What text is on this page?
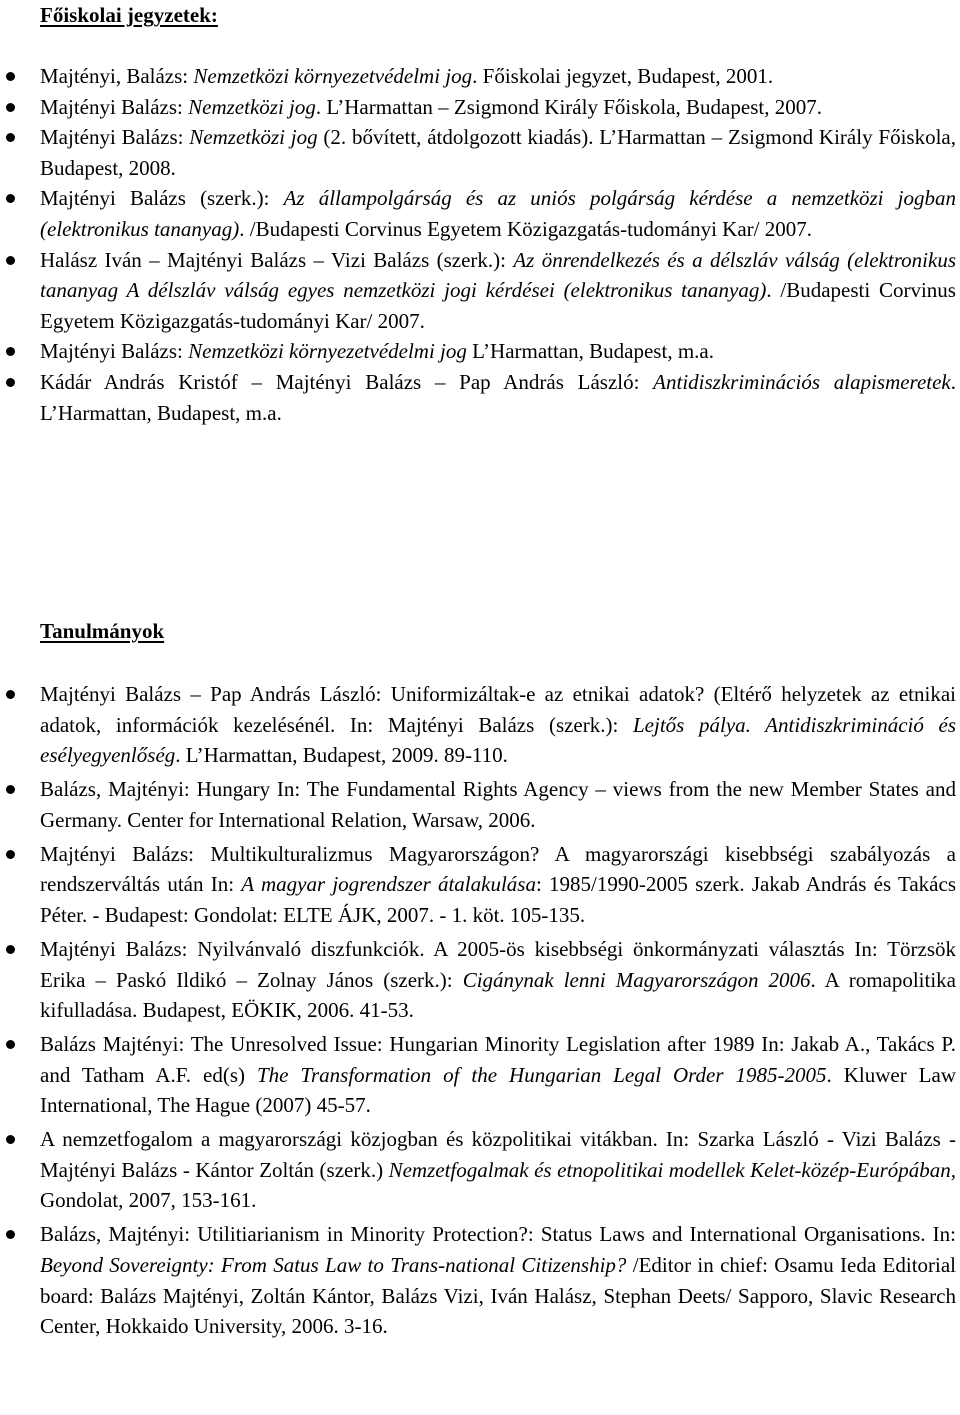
Főiskolai jegyzetek:
Majtényi, Balázs: Nemzetközi környezetvédelmi jog. Főiskolai jegyzet, Budapest, 2001.
Majtényi Balázs: Nemzetközi jog. L’Harmattan – Zsigmond Király Főiskola, Budapest, 2007.
Majtényi Balázs: Nemzetközi jog (2. bővített, átdolgozott kiadás). L’Harmattan – Zsigmond Király Főiskola, Budapest, 2008.
Majtényi Balázs (szerk.): Az állampolgárság és az uniós polgárság kérdése a nemzetközi jogban (elektronikus tananyag). /Budapesti Corvinus Egyetem Közigazgatás-tudományi Kar/ 2007.
Halász Iván – Majtényi Balázs – Vizi Balázs (szerk.): Az önrendelkezés és a délszláv válság (elektronikus tananyag A délszláv válság egyes nemzetközi jogi kérdései (elektronikus tananyag). /Budapesti Corvinus Egyetem Közigazgatás-tudományi Kar/ 2007.
Majtényi Balázs: Nemzetközi környezetvédelmi jog L’Harmattan, Budapest, m.a.
Kádár András Kristóf – Majtényi Balázs – Pap András László: Antidiszkriminációs alapismeretek. L’Harmattan, Budapest, m.a.
Tanulmányok
Majtényi Balázs – Pap András László: Uniformizáltak-e az etnikai adatok? (Eltérő helyzetek az etnikai adatok, információk kezelésénél. In: Majtényi Balázs (szerk.): Lejtős pálya. Antidiszkrimináció és esélyegyenlőség. L’Harmattan, Budapest, 2009. 89-110.
Balázs, Majtényi: Hungary In: The Fundamental Rights Agency – views from the new Member States and Germany. Center for International Relation, Warsaw, 2006.
Majtényi Balázs: Multikulturalizmus Magyarországon? A magyarországi kisebbségi szabályozás a rendszerváltás után In: A magyar jogrendszer átalakulása: 1985/1990-2005 szerk. Jakab András és Takács Péter. - Budapest: Gondolat: ELTE ÁJK, 2007. - 1. köt. 105-135.
Majtényi Balázs: Nyilvánvaló diszfunkciók. A 2005-ös kisebbségi önkormányzati választás In: Törzsök Erika – Paskó Ildikó – Zolnay János (szerk.): Cigánynak lenni Magyarországon 2006. A romapolitika kifulladása. Budapest, EÖKIK, 2006. 41-53.
Balázs Majtényi: The Unresolved Issue: Hungarian Minority Legislation after 1989 In: Jakab A., Takács P. and Tatham A.F. ed(s) The Transformation of the Hungarian Legal Order 1985-2005. Kluwer Law International, The Hague (2007) 45-57.
A nemzetfogalom a magyarországi közjogban és közpolitikai vitákban. In: Szarka László - Vizi Balázs - Majtényi Balázs - Kántor Zoltán (szerk.) Nemzetfogalmak és etnopolitikai modellek Kelet-közép-Európában, Gondolat, 2007, 153-161.
Balázs, Majtényi: Utilitiarianism in Minority Protection?: Status Laws and International Organisations. In: Beyond Sovereignty: From Satus Law to Trans-national Citizenship? /Editor in chief: Osamu Ieda Editorial board: Balázs Majtényi, Zoltán Kántor, Balázs Vizi, Iván Halász, Stephan Deets/ Sapporo, Slavic Research Center, Hokkaido University, 2006. 3-16.
